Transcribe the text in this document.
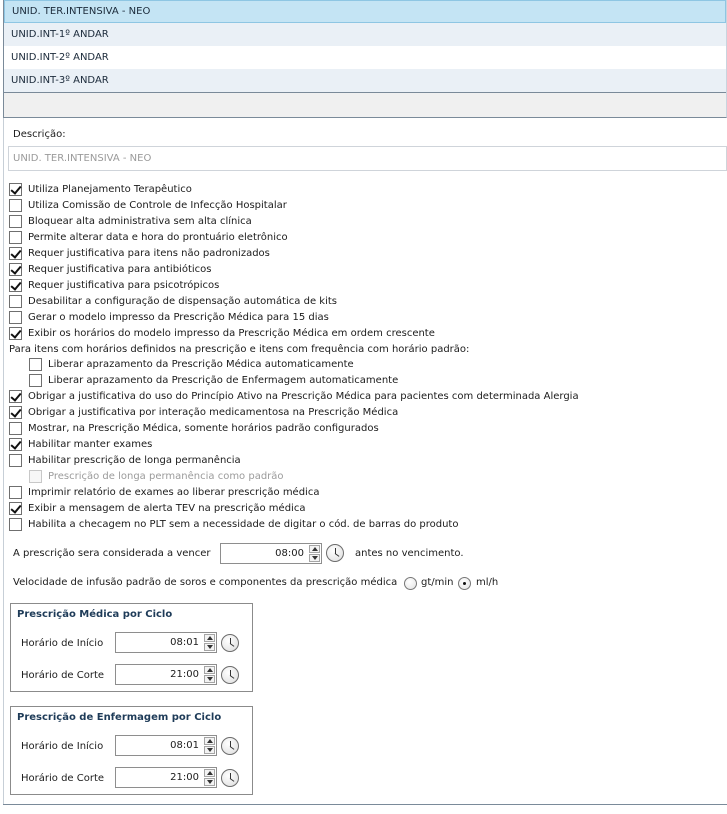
UNID. TER.INTENSIVA - NEO
UNID.INT-1º ANDAR
UNID.INT-2º ANDAR
UNID.INT-3º ANDAR
Descrição:
UNID. TER.INTENSIVA - NEO
Utiliza Planejamento Terapêutico
Utiliza Comissão de Controle de Infecção Hospitalar
Bloquear alta administrativa sem alta clínica
Permite alterar data e hora do prontuário eletrônico
Requer justificativa para itens não padronizados
Requer justificativa para antibióticos
Requer justificativa para psicotrópicos
Desabilitar a configuração de dispensação automática de kits
Gerar o modelo impresso da Prescrição Médica para 15 dias
Exibir os horários do modelo impresso da Prescrição Médica em ordem crescente
Para itens com horários definidos na prescrição e itens com frequência com horário padrão:
Liberar aprazamento da Prescrição Médica automaticamente
Liberar aprazamento da Prescrição de Enfermagem automaticamente
Obrigar a justificativa do uso do Princípio Ativo na Prescrição Médica para pacientes com determinada Alergia
Obrigar a justificativa por interação medicamentosa na Prescrição Médica
Mostrar, na Prescrição Médica, somente horários padrão configurados
Habilitar manter exames
Habilitar prescrição de longa permanência
Prescrição de longa permanência como padrão
Imprimir relatório de exames ao liberar prescrição médica
Exibir a mensagem de alerta TEV na prescrição médica
Habilita a checagem no PLT sem a necessidade de digitar o cód. de barras do produto
A prescrição sera considerada a vencer	08:00	antes no vencimento.
Velocidade de infusão padrão de soros e componentes da prescrição médica gt/min ml/h
Prescrição Médica por Ciclo
Horário de Início	08:01
Horário de Corte	21:00
Prescrição de Enfermagem por Ciclo
Horário de Início	08:01
Horário de Corte	21:00
